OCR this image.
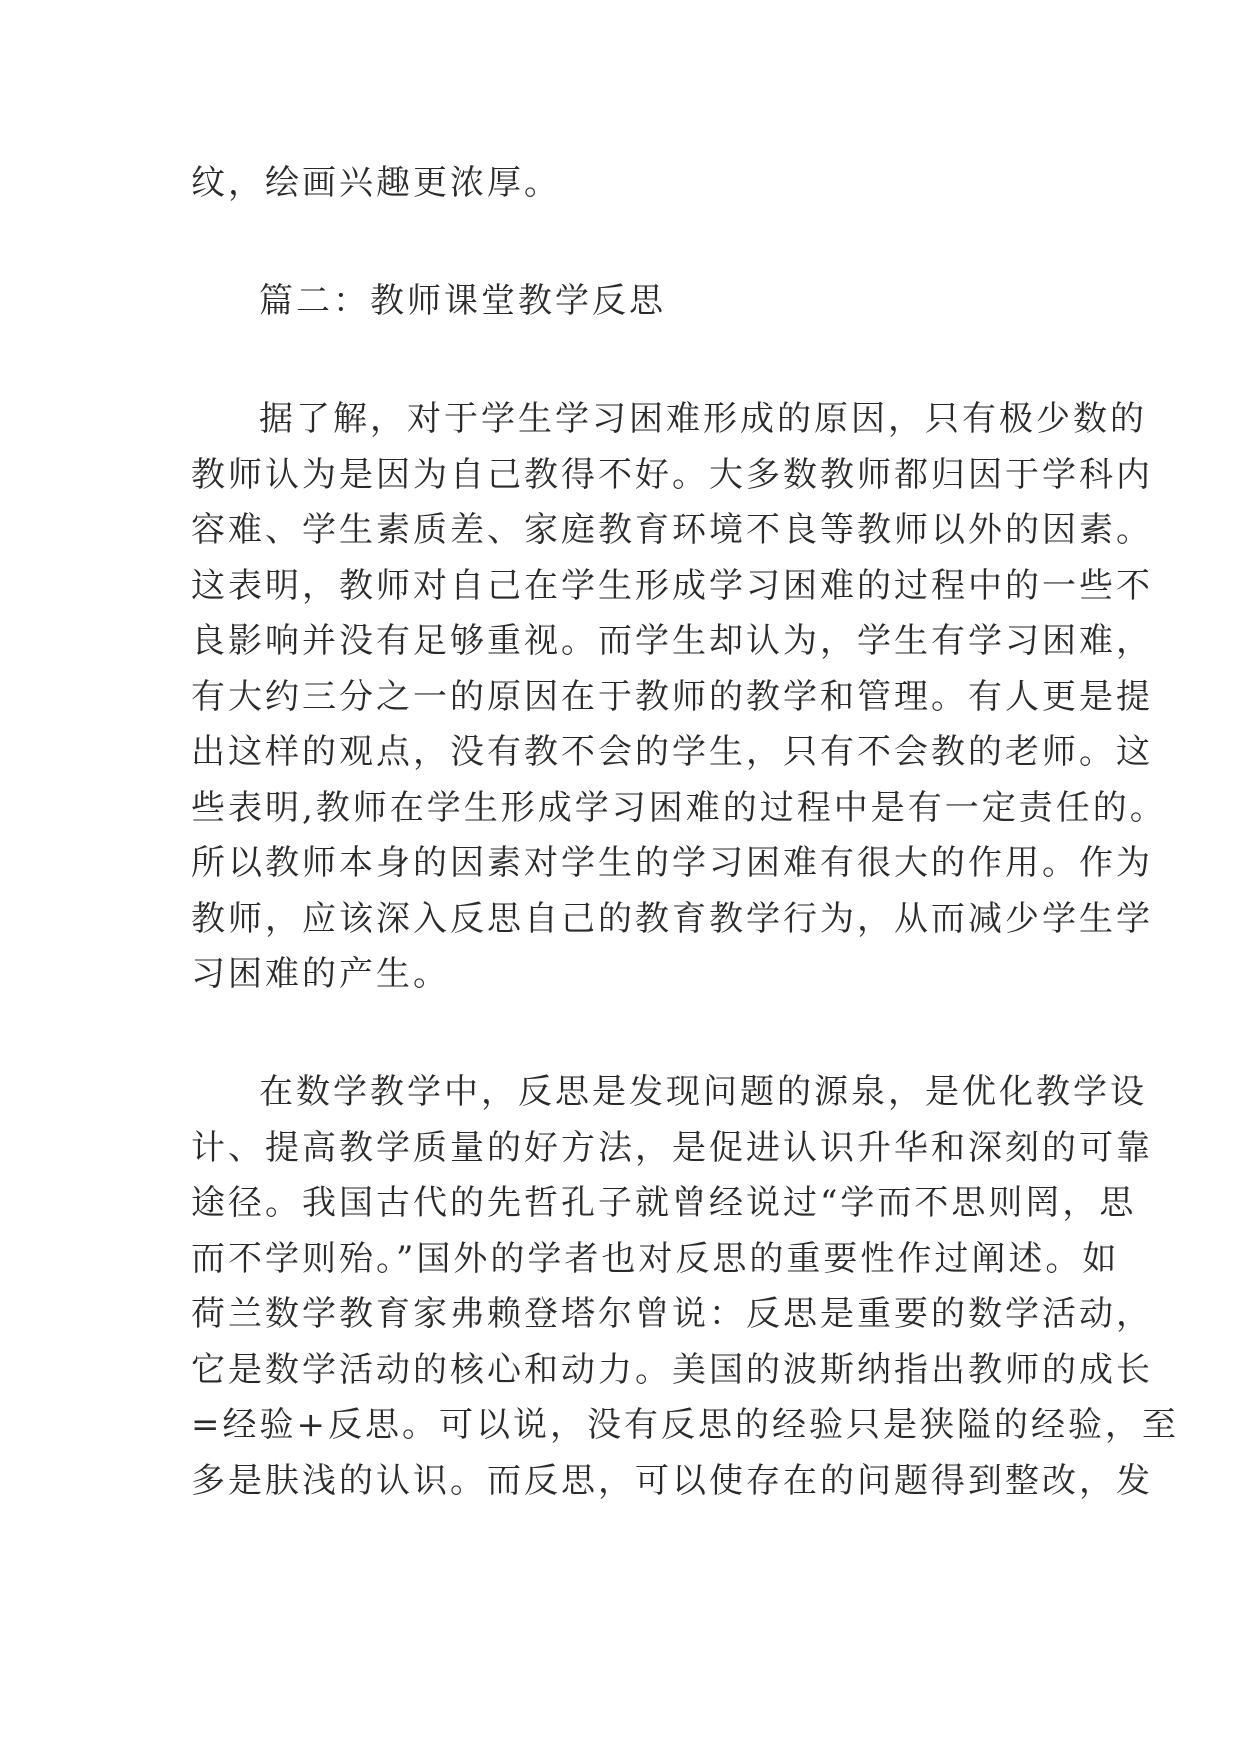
纹，绘画兴趣更浓厚。
篇二：教师课堂教学反思
据了解，对于学生学习困难形成的原因，只有极少数的
教师认为是因为自己教得不好。大多数教师都归因于学科内
容难、学生素质差、家庭教育环境不良等教师以外的因素。
这表明，教师对自己在学生形成学习困难的过程中的一些不
良影响并没有足够重视。而学生却认为，学生有学习困难，
有大约三分之一的原因在于教师的教学和管理。有人更是提
出这样的观点，没有教不会的学生，只有不会教的老师。这
些表明,教师在学生形成学习困难的过程中是有一定责任的。
所以教师本身的因素对学生的学习困难有很大的作用。作为
教师，应该深入反思自己的教育教学行为，从而减少学生学
习困难的产生。
在数学教学中，反思是发现问题的源泉，是优化教学设
计、提高教学质量的好方法，是促进认识升华和深刻的可靠
途径。我国古代的先哲孔子就曾经说过“学而不思则罔，思
而不学则殆。”国外的学者也对反思的重要性作过阐述。如
荷兰数学教育家弗赖登塔尔曾说：反思是重要的数学活动，
它是数学活动的核心和动力。美国的波斯纳指出教师的成长
=经验+反思。可以说，没有反思的经验只是狭隘的经验，至
多是肤浅的认识。而反思，可以使存在的问题得到整改，发
